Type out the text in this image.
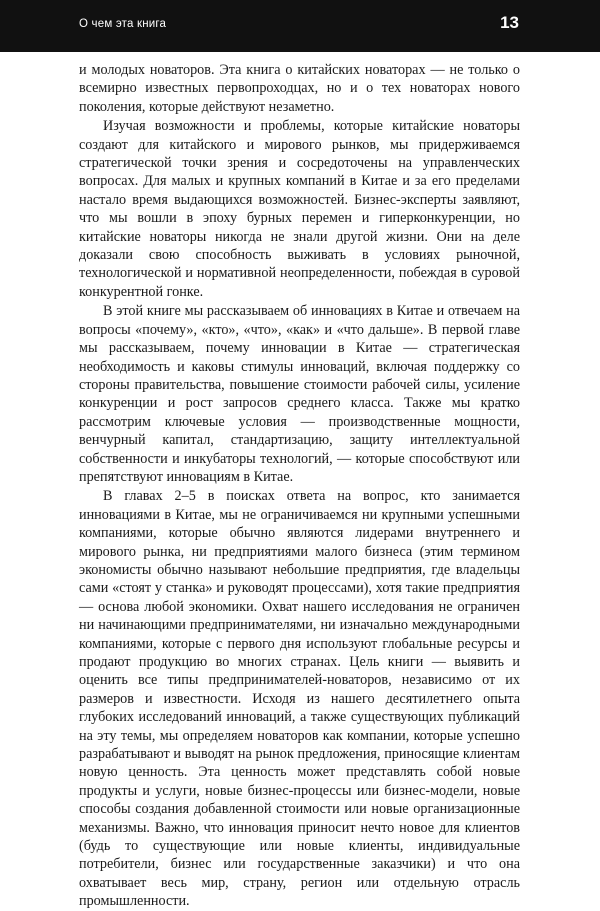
О чем эта книга	13

и молодых новаторов. Эта книга о китайских новаторах — не только о всемирно известных первопроходцах, но и о тех новаторах нового поколения, которые действуют незаметно.

Изучая возможности и проблемы, которые китайские новаторы создают для китайского и мирового рынков, мы придерживаемся стратегической точки зрения и сосредоточены на управленческих вопросах. Для малых и крупных компаний в Китае и за его пределами настало время выдающихся возможностей. Бизнес-эксперты заявляют, что мы вошли в эпоху бурных перемен и гиперконкуренции, но китайские новаторы никогда не знали другой жизни. Они на деле доказали свою способность выживать в условиях рыночной, технологической и нормативной неопределенности, побеждая в суровой конкурентной гонке.

В этой книге мы рассказываем об инновациях в Китае и отвечаем на вопросы «почему», «кто», «что», «как» и «что дальше». В первой главе мы рассказываем, почему инновации в Китае — стратегическая необходимость и каковы стимулы инноваций, включая поддержку со стороны правительства, повышение стоимости рабочей силы, усиление конкуренции и рост запросов среднего класса. Также мы кратко рассмотрим ключевые условия — производственные мощности, венчурный капитал, стандартизацию, защиту интеллектуальной собственности и инкубаторы технологий, — которые способствуют или препятствуют инновациям в Китае.

В главах 2–5 в поисках ответа на вопрос, кто занимается инновациями в Китае, мы не ограничиваемся ни крупными успешными компаниями, которые обычно являются лидерами внутреннего и мирового рынка, ни предприятиями малого бизнеса (этим термином экономисты обычно называют небольшие предприятия, где владельцы сами «стоят у станка» и руководят процессами), хотя такие предприятия — основа любой экономики. Охват нашего исследования не ограничен ни начинающими предпринимателями, ни изначально международными компаниями, которые с первого дня используют глобальные ресурсы и продают продукцию во многих странах. Цель книги — выявить и оценить все типы предпринимателей-новаторов, независимо от их размеров и известности. Исходя из нашего десятилетнего опыта глубоких исследований инноваций, а также существующих публикаций на эту темы, мы определяем новаторов как компании, которые успешно разрабатывают и выводят на рынок предложения, приносящие клиентам новую ценность. Эта ценность может представлять собой новые продукты и услуги, новые бизнес-процессы или бизнес-модели, новые способы создания добавленной стоимости или новые организационные механизмы. Важно, что инновация приносит нечто новое для клиентов (будь то существующие или новые клиенты, индивидуальные потребители, бизнес или государственные заказчики) и что она охватывает весь мир, страну, регион или отдельную отрасль промышленности.
